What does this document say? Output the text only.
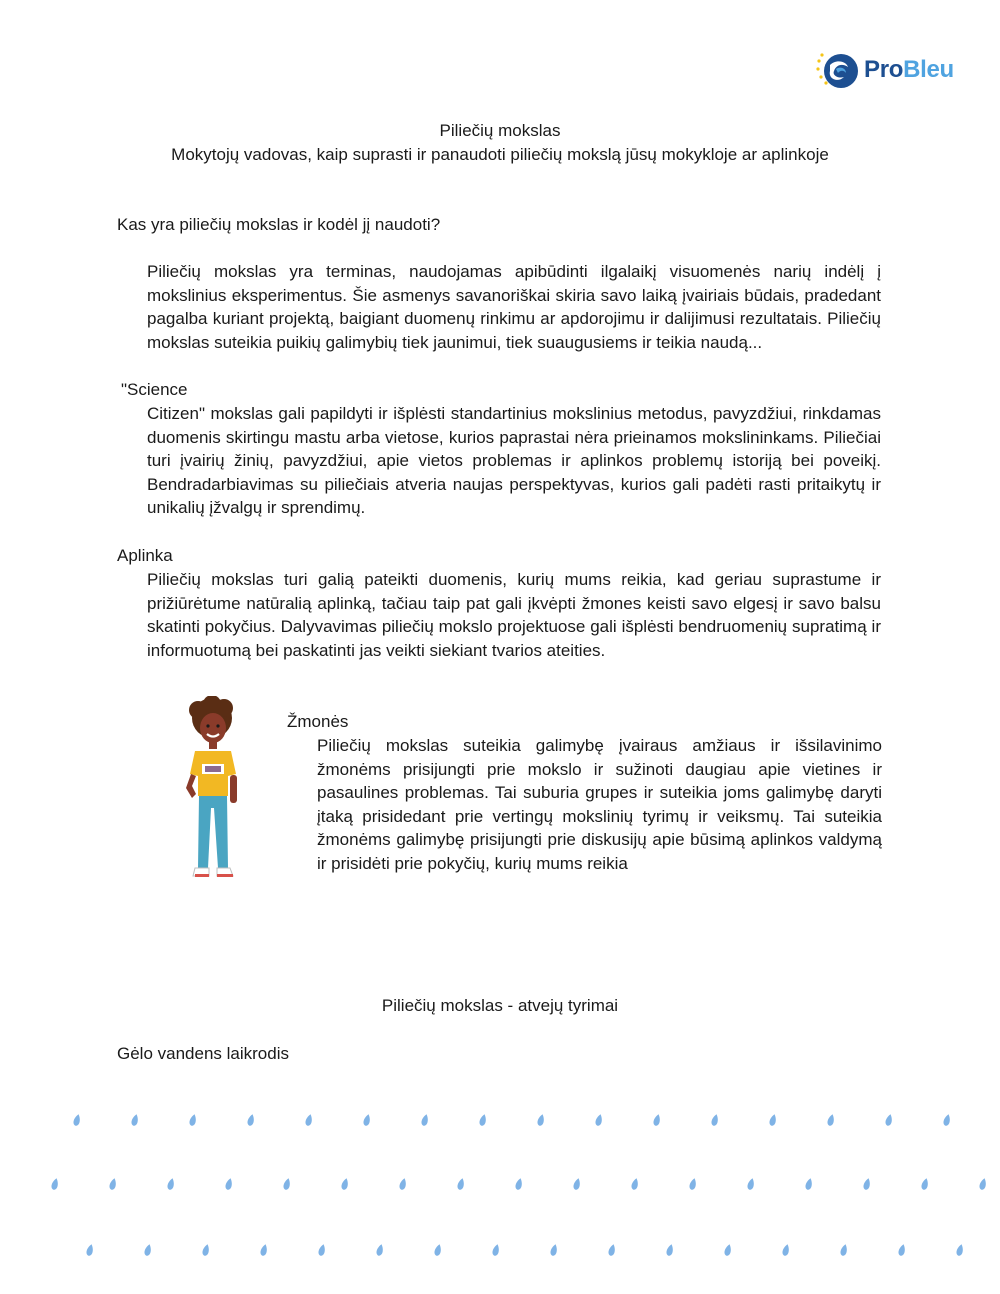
ProBleu
Piliečių mokslas
Mokytojų vadovas, kaip suprasti ir panaudoti piliečių mokslą jūsų mokykloje ar aplinkoje
Kas yra piliečių mokslas ir kodėl jį naudoti?
Piliečių mokslas yra terminas, naudojamas apibūdinti ilgalaikį visuomenės narių indėlį į mokslinius eksperimentus. Šie asmenys savanoriškai skiria savo laiką įvairiais būdais, pradedant pagalba kuriant projektą, baigiant duomenų rinkimu ar apdorojimu ir dalijimusi rezultatais. Piliečių mokslas suteikia puikių galimybių tiek jaunimui, tiek suaugusiems ir teikia naudą...
"Science
Citizen" mokslas gali papildyti ir išplėsti standartinius mokslinius metodus, pavyzdžiui, rinkdamas duomenis skirtingu mastu arba vietose, kurios paprastai nėra prieinamos mokslininkams. Piliečiai turi įvairių žinių, pavyzdžiui, apie vietos problemas ir aplinkos problemų istoriją bei poveikį. Bendradarbiavimas su piliečiais atveria naujas perspektyvas, kurios gali padėti rasti pritaikytų ir unikalių įžvalgų ir sprendimų.
Aplinka
Piliečių mokslas turi galią pateikti duomenis, kurių mums reikia, kad geriau suprastume ir prižiūrėtume natūralią aplinką, tačiau taip pat gali įkvėpti žmones keisti savo elgesį ir savo balsu skatinti pokyčius. Dalyvavimas piliečių mokslo projektuose gali išplėsti bendruomenių supratimą ir informuotumą bei paskatinti jas veikti siekiant tvarios ateities.
Žmonės
Piliečių mokslas suteikia galimybę įvairaus amžiaus ir išsilavinimo žmonėms prisijungti prie mokslo ir sužinoti daugiau apie vietines ir pasaulines problemas. Tai suburia grupes ir suteikia joms galimybę daryti įtaką prisidedant prie vertingų mokslinių tyrimų ir veiksmų. Tai suteikia žmonėms galimybę prisijungti prie diskusijų apie būsimą aplinkos valdymą ir prisidėti prie pokyčių, kurių mums reikia
Piliečių mokslas - atvejų tyrimai
Gėlo vandens laikrodis
